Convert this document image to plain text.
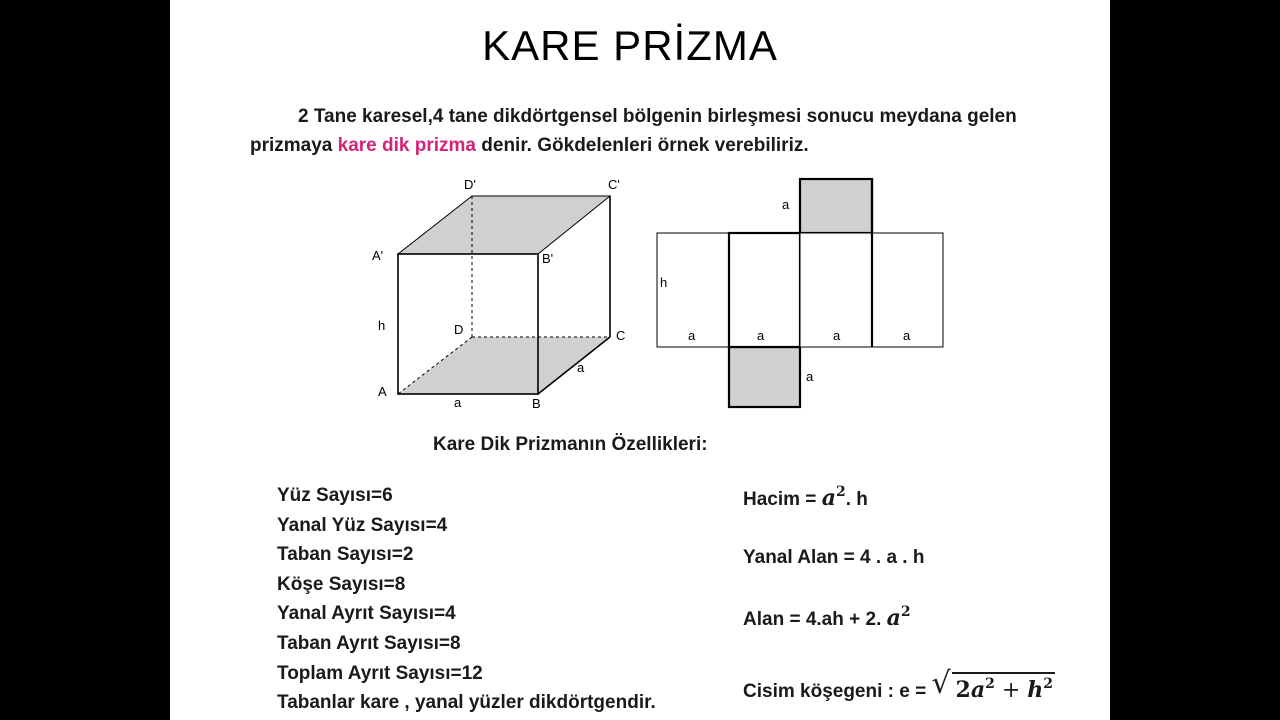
KARE PRİZMA
2 Tane karesel,4 tane dikdörtgensel bölgenin birleşmesi sonucu meydana gelen prizmaya kare dik prizma denir. Gökdelenleri örnek verebiliriz.
A
B
C
D
A'	B'
C'
D'
h
a
a
a
h
a	a	a	a
a
Kare Dik Prizmanın Özellikleri:
Yüz Sayısı=6
Yanal Yüz Sayısı=4
Taban Sayısı=2
Köşe Sayısı=8
Yanal Ayrıt Sayısı=4
Taban Ayrıt Sayısı=8
Toplam Ayrıt Sayısı=12
Tabanlar kare , yanal yüzler dikdörtgendir.
Hacim = $a^2$. h
Yanal Alan = 4 . a . h
Alan = 4.ah + 2. $a^2$
Cisim köşegeni : e = √ $2a^2 + h^2$
